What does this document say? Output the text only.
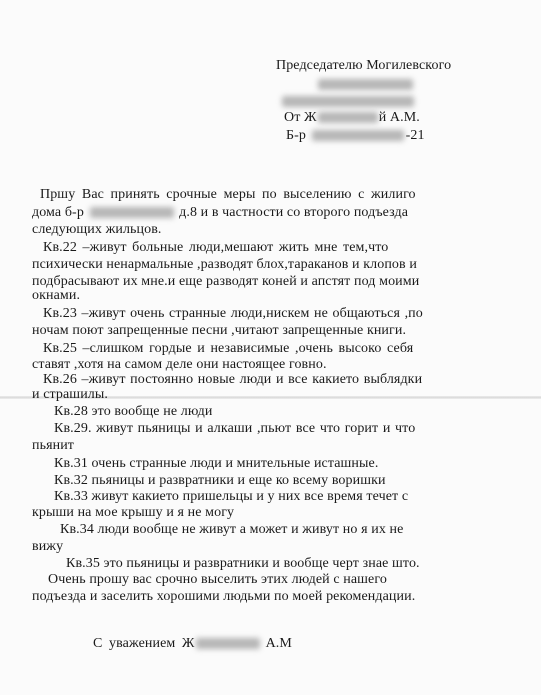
Председателю Могилевского
От Ж	й А.М.
Б-р	-21
Пршу Вас принять срочные меры по выселению с жилиго
дома б-р	д.8 и в частности со второго подъезда
следующих жильцов.
Кв.22 –живут больные люди,мешают жить мне тем,что
психически ненармальные ,разводят блох,тараканов и клопов и
подбрасывают их мне.и еще разводят коней и апстят под моими
окнами.
Кв.23 –живут очень странные люди,нискем не общаються ,по
ночам поют запрещенные песни ,читают запрещенные книги.
Кв.25 –слишком гордые и независимые ,очень высоко себя
ставят ,хотя на самом деле они настоящее говно.
Кв.26 –живут постоянно новые люди и все какието выблядки
и страшилы.
Кв.28 это вообще не люди
Кв.29. живут пьяницы и алкаши ,пьют все что горит и что
пьянит
Кв.31 очень странные люди и мнительные исташные.
Кв.32 пьяницы и развратники и еще ко всему воришки
Кв.33 живут какието пришельцы и у них все время течет с
крыши на мое крышу и я не могу
Кв.34 люди вообще не живут а может и живут но я их не
вижу
Кв.35 это пьяницы и развратники и вообще черт знае што.
Очень прошу вас срочно выселить этих людей с нашего
подъезда и заселить хорошими людьми по моей рекомендации.
С уважением Ж	А.М
